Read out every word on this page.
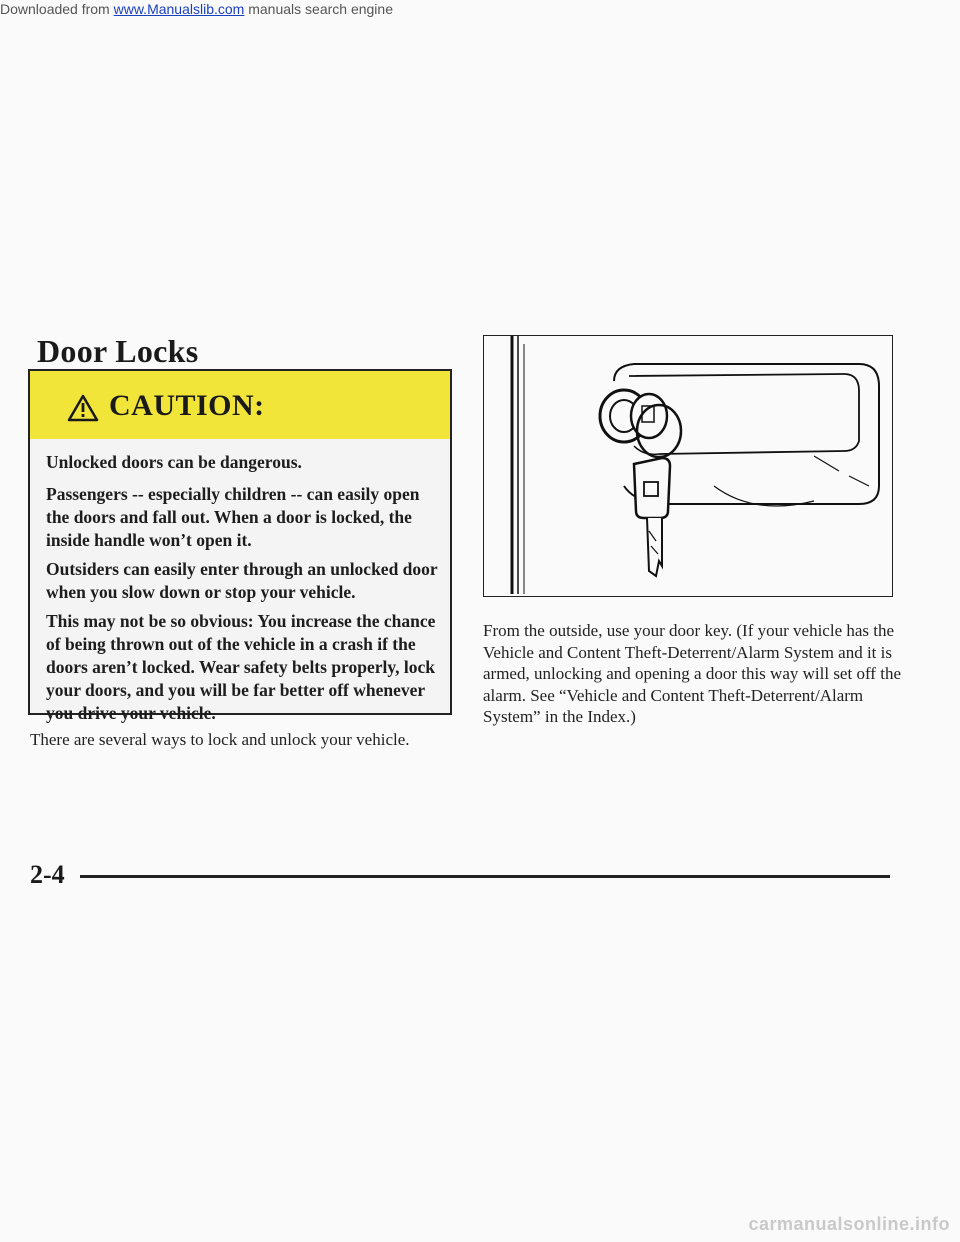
Downloaded from www.Manualslib.com manuals search engine
Door Locks
CAUTION:

Unlocked doors can be dangerous.

Passengers -- especially children -- can easily open the doors and fall out. When a door is locked, the inside handle won’t open it.

Outsiders can easily enter through an unlocked door when you slow down or stop your vehicle.

This may not be so obvious: You increase the chance of being thrown out of the vehicle in a crash if the doors aren’t locked. Wear safety belts properly, lock your doors, and you will be far better off whenever you drive your vehicle.

There are several ways to lock and unlock your vehicle.
From the outside, use your door key. (If your vehicle has the Vehicle and Content Theft-Deterrent/Alarm System and it is armed, unlocking and opening a door this way will set off the alarm. See “Vehicle and Content Theft-Deterrent/Alarm System” in the Index.)
2-4
carmanualsonline.info
